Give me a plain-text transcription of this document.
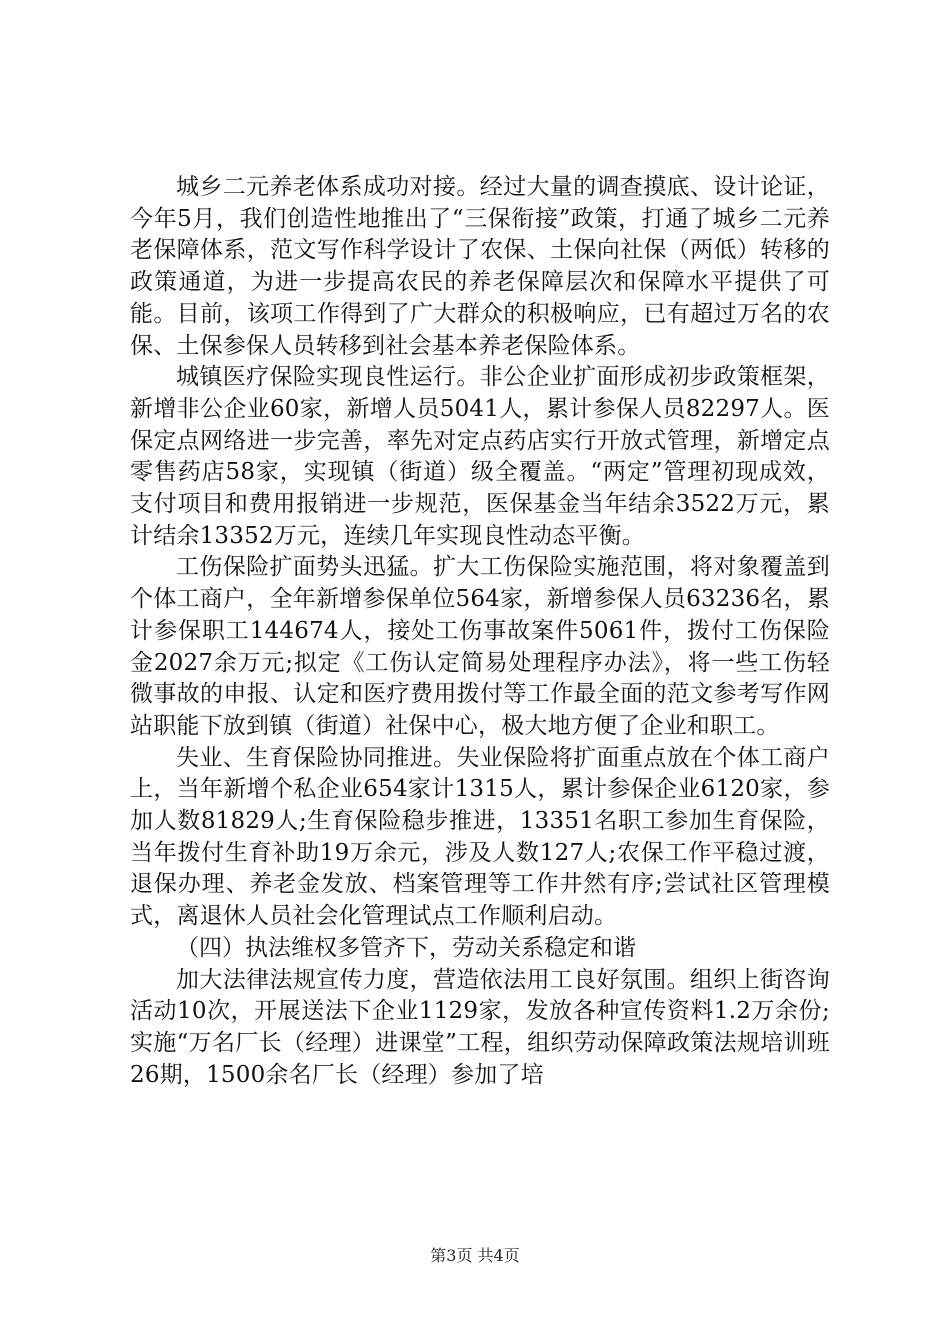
城乡二元养老体系成功对接。经过大量的调查摸底、设计论证，今年5月，我们创造性地推出了“三保衔接”政策，打通了城乡二元养老保障体系，范文写作科学设计了农保、土保向社保（两低）转移的政策通道，为进一步提高农民的养老保障层次和保障水平提供了可能。目前，该项工作得到了广大群众的积极响应，已有超过万名的农保、土保参保人员转移到社会基本养老保险体系。

城镇医疗保险实现良性运行。非公企业扩面形成初步政策框架，新增非公企业60家，新增人员5041人，累计参保人员82297人。医保定点网络进一步完善，率先对定点药店实行开放式管理，新增定点零售药店58家，实现镇（街道）级全覆盖。“两定”管理初现成效，支付项目和费用报销进一步规范，医保基金当年结余3522万元，累计结余13352万元，连续几年实现良性动态平衡。

工伤保险扩面势头迅猛。扩大工伤保险实施范围，将对象覆盖到个体工商户，全年新增参保单位564家，新增参保人员63236名，累计参保职工144674人，接处工伤事故案件5061件，拨付工伤保险金2027余万元;拟定《工伤认定简易处理程序办法》，将一些工伤轻微事故的申报、认定和医疗费用拨付等工作最全面的范文参考写作网站职能下放到镇（街道）社保中心，极大地方便了企业和职工。

失业、生育保险协同推进。失业保险将扩面重点放在个体工商户上，当年新增个私企业654家计1315人，累计参保企业6120家，参加人数81829人;生育保险稳步推进，13351名职工参加生育保险，当年拨付生育补助19万余元，涉及人数127人;农保工作平稳过渡，退保办理、养老金发放、档案管理等工作井然有序;尝试社区管理模式，离退休人员社会化管理试点工作顺利启动。

（四）执法维权多管齐下，劳动关系稳定和谐

加大法律法规宣传力度，营造依法用工良好氛围。组织上街咨询活动10次，开展送法下企业1129家，发放各种宣传资料1.2万余份;实施“万名厂长（经理）进课堂”工程，组织劳动保障政策法规培训班26期，1500余名厂长（经理）参加了培

第3页 共4页
